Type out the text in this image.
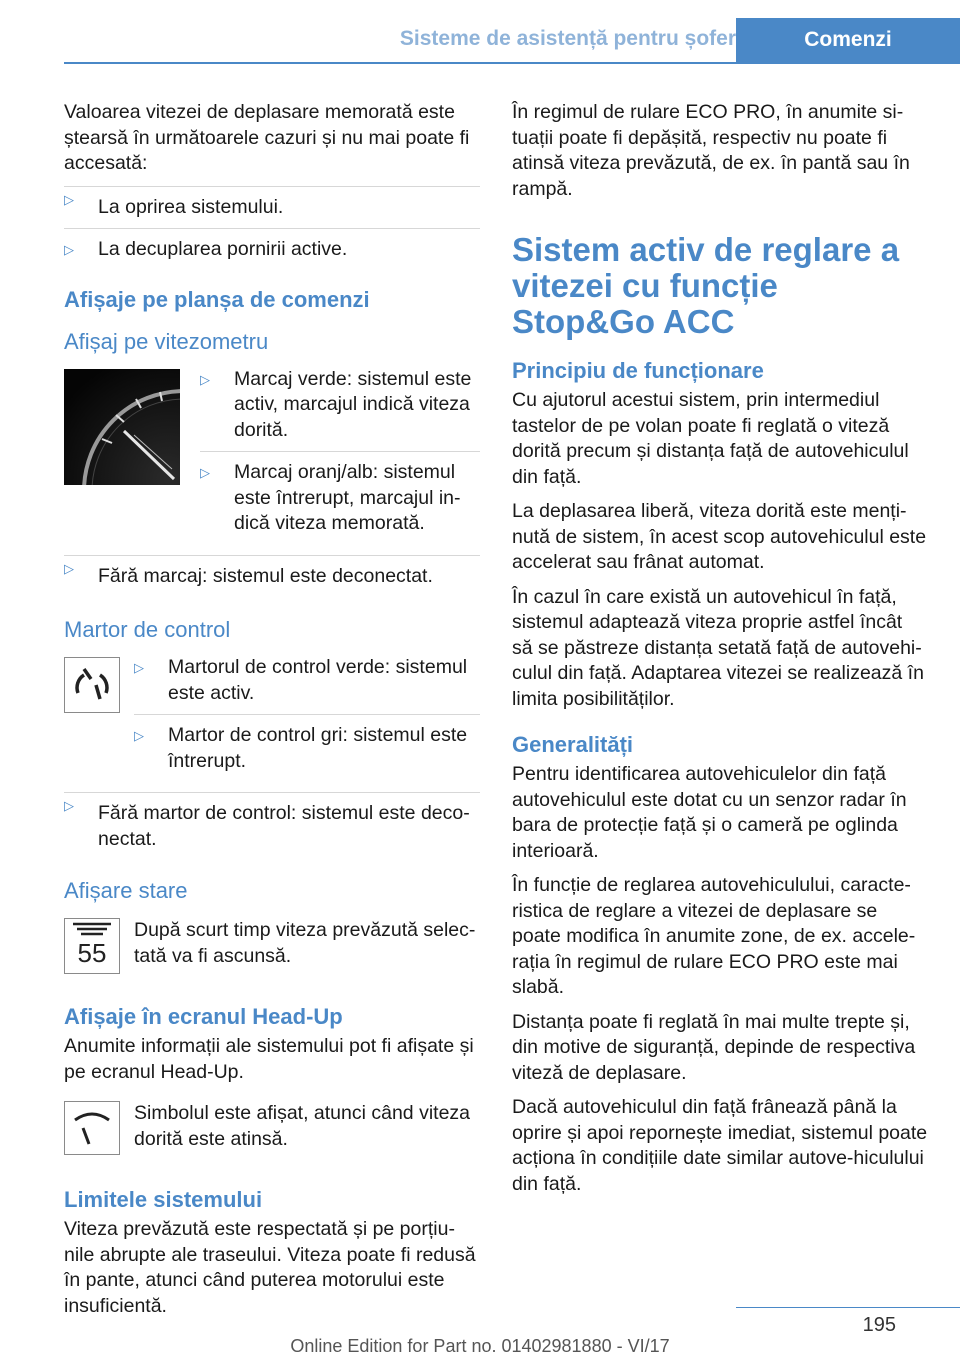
Sisteme de asistență pentru șofer	Comenzi

Valoarea vitezei de deplasare memorată este ștearsă în următoarele cazuri și nu mai poate fi accesată:

▷ La oprirea sistemului.
▷ La decuplarea pornirii active.
Afișaje pe planșa de comenzi
Afișaj pe vitezometru
▷ Marcaj verde: sistemul este activ, marcajul indică viteza dorită.
▷ Marcaj oranj/alb: sistemul este întrerupt, marcajul in-dică viteza memorată.
▷ Fără marcaj: sistemul este deconectat.
Martor de control
▷ Martorul de control verde: sistemul este activ.
▷ Martor de control gri: sistemul este întrerupt.
▷ Fără martor de control: sistemul este deco-nectat.
Afișare stare
55

După scurt timp viteza prevăzută selec-tată va fi ascunsă.

Afișaje în ecranul Head-Up

Anumite informații ale sistemului pot fi afișate și pe ecranul Head-Up.

Simbolul este afișat, atunci când viteza dorită este atinsă.

Limitele sistemului

Viteza prevăzută este respectată și pe porțiu-nile abrupte ale traseului. Viteza poate fi redusă în pante, atunci când puterea motorului este insuficientă.

În regimul de rulare ECO PRO, în anumite si-tuații poate fi depășită, respectiv nu poate fi atinsă viteza prevăzută, de ex. în pantă sau în rampă.

Sistem activ de reglare a vitezei cu funcție Stop&Go ACC
Principiu de funcționare

Cu ajutorul acestui sistem, prin intermediul tastelor de pe volan poate fi reglată o viteză dorită precum și distanța față de autovehiculul din față.

La deplasarea liberă, viteza dorită este menți-nută de sistem, în acest scop autovehiculul este accelerat sau frânat automat.

În cazul în care există un autovehicul în față, sistemul adaptează viteza proprie astfel încât să se păstreze distanța setată față de autovehi-culul din față. Adaptarea vitezei se realizează în limita posibilităților.

Generalități

Pentru identificarea autovehiculelor din față autovehiculul este dotat cu un senzor radar în bara de protecție față și o cameră pe oglinda interioară.

În funcție de reglarea autovehiculului, caracte-ristica de reglare a vitezei de deplasare se poate modifica în anumite zone, de ex. accele-rația în regimul de rulare ECO PRO este mai slabă.

Distanța poate fi reglată în mai multe trepte și, din motive de siguranță, depinde de respectiva viteză de deplasare.

Dacă autovehiculul din față frânează până la oprire și apoi repornește imediat, sistemul poate acționa în condițiile date similar autove-hiculului din față.

195
Online Edition for Part no. 01402981880 - VI/17
